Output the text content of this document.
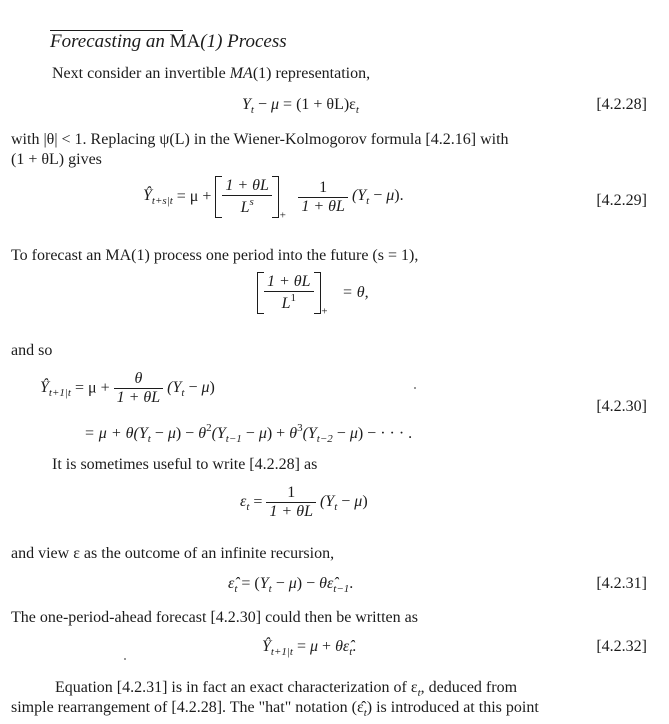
Forecasting an MA(1) Process
Next consider an invertible MA(1) representation,
$Y_t - \mu = (1 + \theta L)\varepsilon_t$	[4.2.28]
with |θ| < 1. Replacing ψ(L) in the Wiener-Kolmogorov formula [4.2.16] with
(1 + θL) gives
$Ŷ_{t+s|t} = \mu + \frac{1 + \theta L}{L^s} _+$
$\frac{1}{1 + \theta L} (Y_t - \mu)$.	[4.2.29]
To forecast an MA(1) process one period into the future (s = 1),
$\frac{1 + \theta L}{L^1} _+ = \theta$,
and so
$Ŷ_{t+1|t} = \mu + \frac{\theta}{1 + \theta L} (Y_t - \mu)$
= $\mu + \theta(Y_t - \mu) - \theta^2(Y_{t-1} - \mu) + \theta^3(Y_{t-2} - \mu)$ − · · · .
[4.2.30]
It is sometimes useful to write [4.2.28] as
$\varepsilon_t = \frac{1}{1 + \theta L} (Y_t - \mu)$
and view ε as the outcome of an infinite recursion,
$\varepsilon̂_t = (Y_t - \mu)$ − $\theta\varepsilon̂_{t-1}$.	[4.2.31]
The one-period-ahead forecast [4.2.30] could then be written as
$Ŷ_{t+1|t} = \mu$ + $\theta\varepsilon̂_t$.	[4.2.32]
Equation [4.2.31] is in fact an exact characterization of $\varepsilon_t$, deduced from
simple rearrangement of [4.2.28]. The "hat" notation $(\varepsilon̂_t)$ is introduced at this point
